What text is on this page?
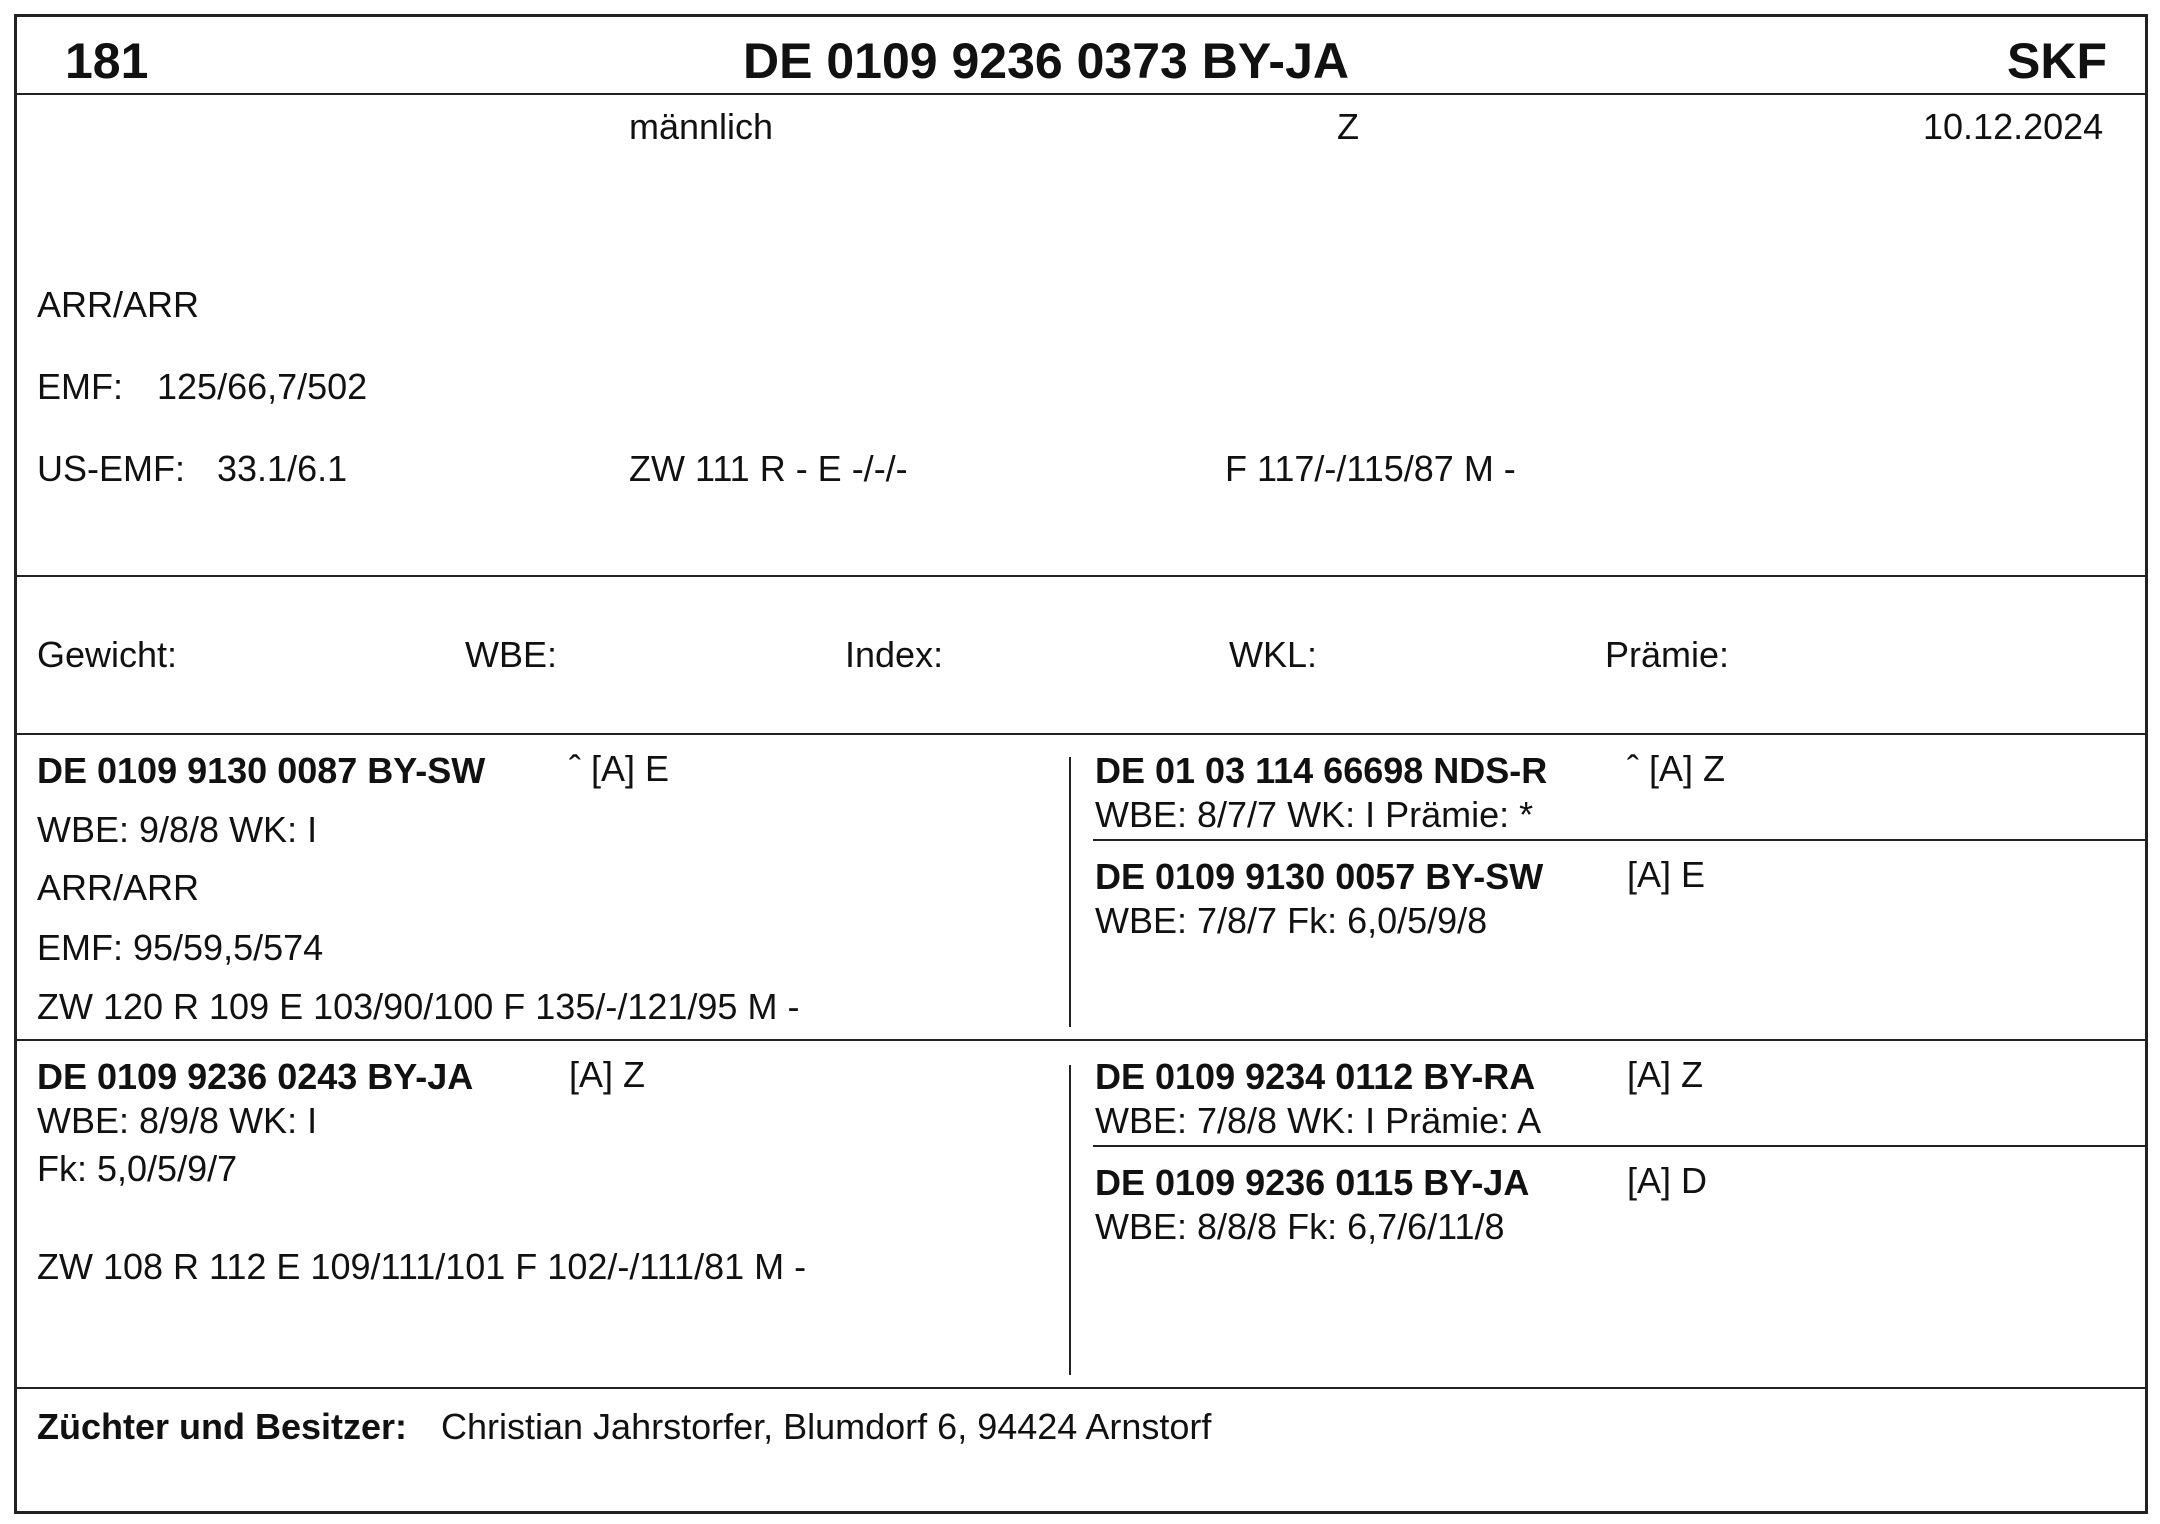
181	DE 0109 9236 0373 BY-JA	SKF
männlich	Z	10.12.2024
ARR/ARR
EMF: 125/66,7/502
US-EMF: 33.1/6.1	ZW 111 R - E -/-/-	F 117/-/115/87 M -
Gewicht:	WBE:	Index:	WKL:	Prämie:
DE 0109 9130 0087 BY-SW ˆ [A] E
WBE: 9/8/8 WK: I
ARR/ARR
EMF: 95/59,5/574
ZW 120 R 109 E 103/90/100 F 135/-/121/95 M -
DE 01 03 114 66698 NDS-R ˆ [A] Z
WBE: 8/7/7 WK: I Prämie: *
DE 0109 9130 0057 BY-SW [A] E
WBE: 7/8/7 Fk: 6,0/5/9/8
DE 0109 9236 0243 BY-JA	[A] Z
WBE: 8/9/8 WK: I
Fk: 5,0/5/9/7
ZW 108 R 112 E 109/111/101 F 102/-/111/81 M -
DE 0109 9234 0112 BY-RA	[A] Z
WBE: 7/8/8 WK: I Prämie: A
DE 0109 9236 0115 BY-JA	[A] D
WBE: 8/8/8 Fk: 6,7/6/11/8
Züchter und Besitzer: Christian Jahrstorfer, Blumdorf 6, 94424 Arnstorf
